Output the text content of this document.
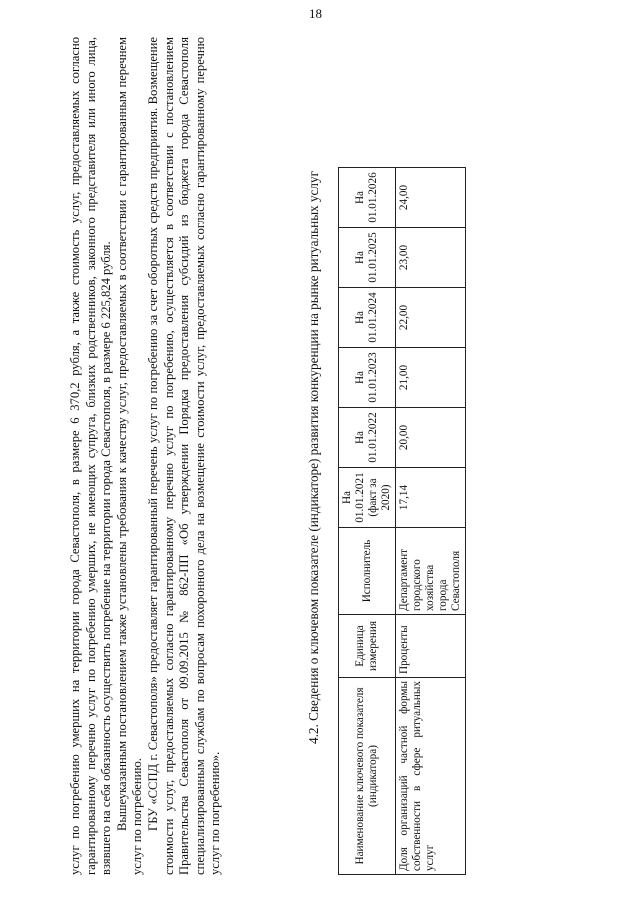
18

услуг по погребению умерших на территории города Севастополя, в размере 6 370,2 рубля, а также стоимость услуг, предоставляемых согласно гарантированному перечню услуг по погребению умерших, не имеющих супруга, близких родственников, законного представителя или иного лица, взявшего на себя обязанность осуществить погребение на территории города Севастополя, в размере 6 225,824 рубля. Вышеуказанным постановлением также установлены требования к качеству услуг, предоставляемых в соответствии с гарантированным перечнем услуг по погребению. ГБУ «ССПД г. Севастополя» предоставляет гарантированный перечень услуг по погребению за счет оборотных средств предприятия. Возмещение стоимости услуг, предоставляемых согласно гарантированному перечню услуг по погребению, осуществляется в соответствии с постановлением Правительства Севастополя от 09.09.2015 № 862-ПП «Об утверждении Порядка предоставления субсидий из бюджета города Севастополя специализированным службам по вопросам похоронного дела на возмещение стоимости услуг, предоставляемых согласно гарантированному перечню услуг по погребению».

4.2. Сведения о ключевом показателе (индикаторе) развития конкуренции на рынке ритуальных услуг
Наименование ключевого показателя (индикатора)	Единица измерения	Исполнитель	На 01.01.2021 (факт за 2020)	На 01.01.2022	На 01.01.2023	На 01.01.2024	На 01.01.2025	На 01.01.2026
Доля организаций частной формы собственности в сфере ритуальных услуг	Проценты	Департамент городского хозяйства города Севастополя	17,14	20,00	21,00	22,00	23,00	24,00
